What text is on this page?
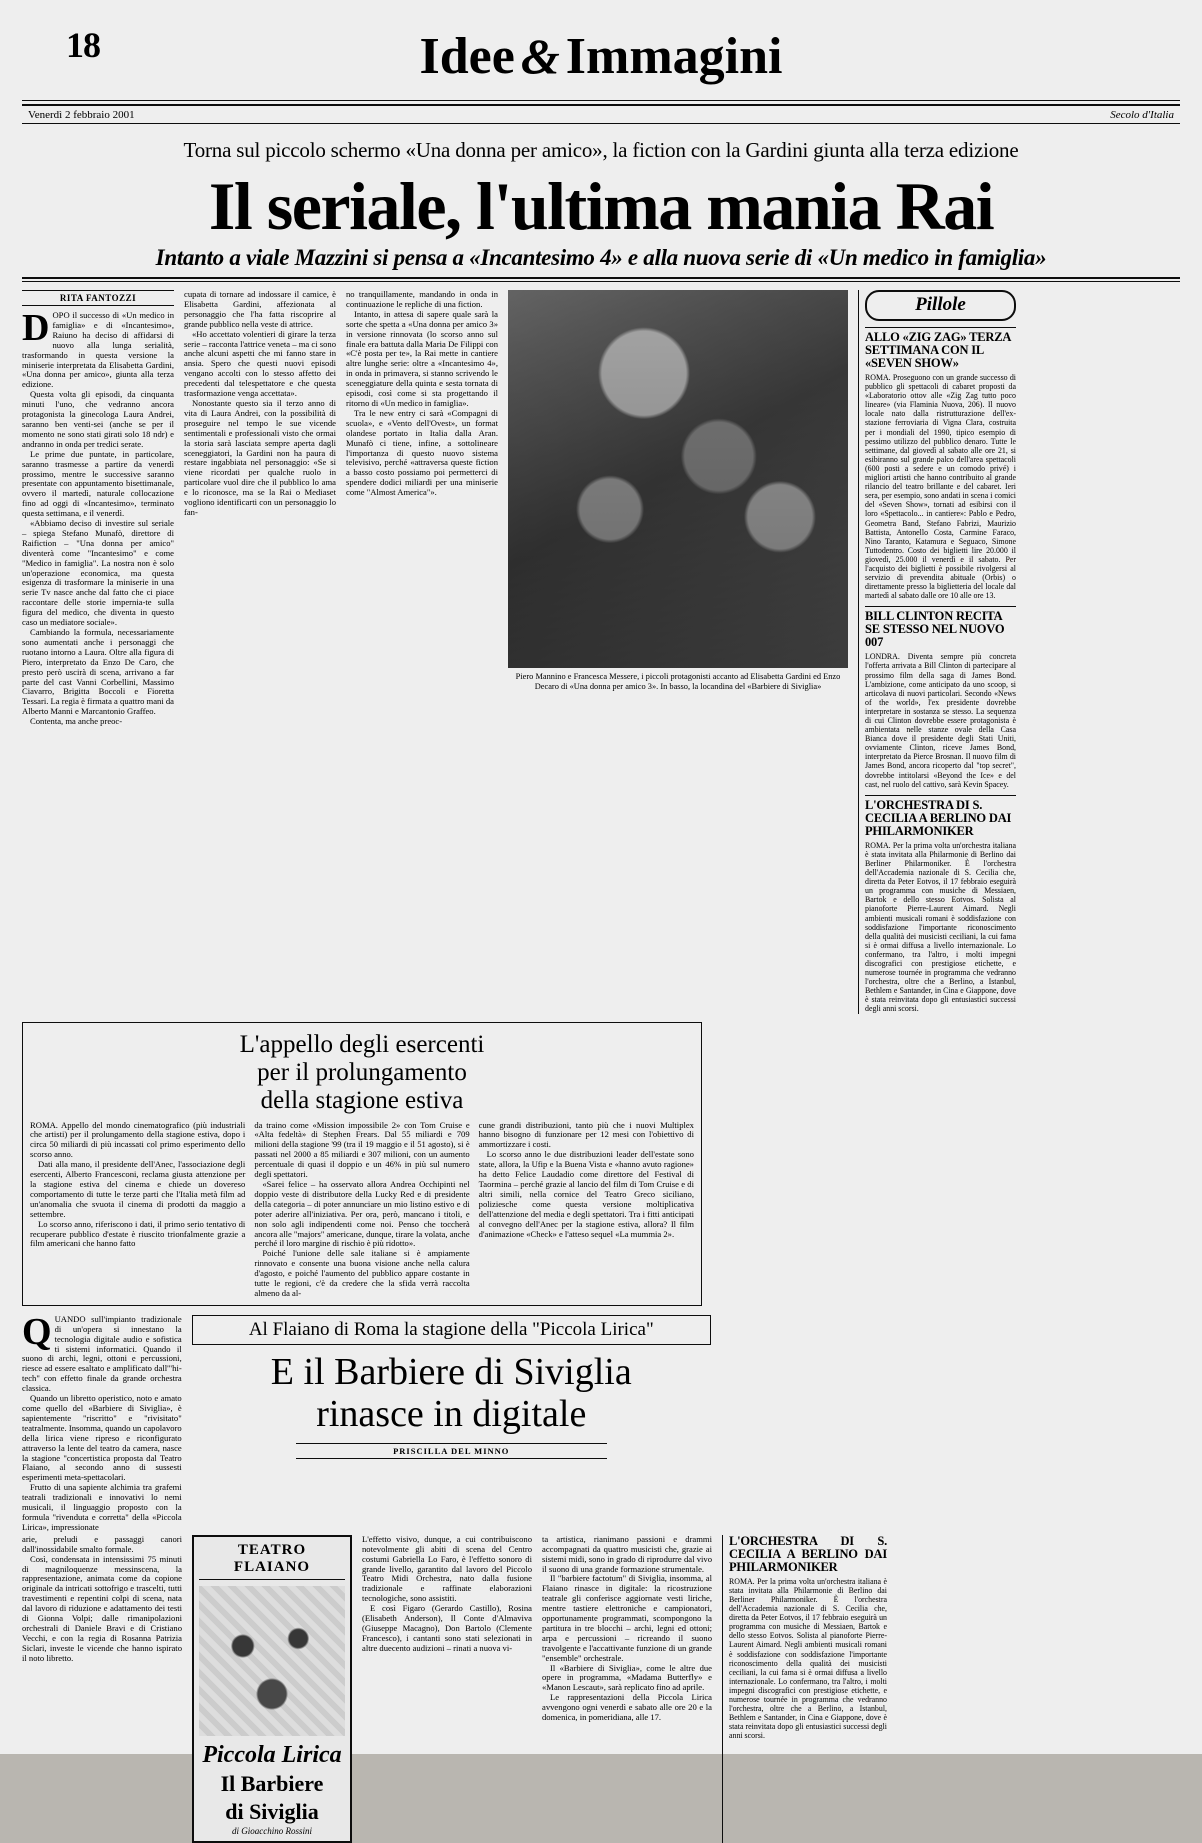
18	Idee & Immagini
Venerdì 2 febbraio 2001	Secolo d'Italia
Torna sul piccolo schermo «Una donna per amico», la fiction con la Gardini giunta alla terza edizione
Il seriale, l'ultima mania Rai
Intanto a viale Mazzini si pensa a «Incantesimo 4» e alla nuova serie di «Un medico in famiglia»
RITA FANTOZZI

DOPO il successo di «Un medico in famiglia» e di «Incantesimo», Raiuno ha deciso di affidarsi di nuovo alla lunga serialità, trasformando in questa versione la miniserie interpretata da Elisabetta Gardini, «Una donna per amico», giunta alla terza edizione.

Questa volta gli episodi, da cinquanta minuti l'uno, che vedranno ancora protagonista la ginecologa Laura Andrei, saranno ben venti-sei (anche se per il momento ne sono stati girati solo 18 ndr) e andranno in onda per tredici serate.

Le prime due puntate, in particolare, saranno trasmesse a partire da venerdì prossimo, mentre le successive saranno presentate con appuntamento bisettimanale, ovvero il martedì, naturale collocazione fino ad oggi di «Incantesimo», terminato questa settimana, e il venerdì.

«Abbiamo deciso di investire sul seriale – spiega Stefano Munafò, direttore di Raifiction – "Una donna per amico" diventerà come "Incantesimo" e come "Medico in famiglia". La nostra non è solo un'operazione economica, ma questa esigenza di trasformare la miniserie in una serie Tv nasce anche dal fatto che ci piace raccontare delle storie impernia-te sulla figura del medico, che diventa in questo caso un mediatore sociale».

Cambiando la formula, necessariamente sono aumentati anche i personaggi che ruotano intorno a Laura. Oltre alla figura di Piero, interpretato da Enzo De Caro, che presto però uscirà di scena, arrivano a far parte del cast Vanni Corbellini, Massimo Ciavarro, Brigitta Boccoli e Fioretta Tessari. La regia è firmata a quattro mani da Alberto Manni e Marcantonio Graffeo.

Contenta, ma anche preoc-

cupata di tornare ad indossare il camice, è Elisabetta Gardini, affezionata al personaggio che l'ha fatta riscoprire al grande pubblico nella veste di attrice.

«Ho accettato volentieri di girare la terza serie – racconta l'attrice veneta – ma ci sono anche alcuni aspetti che mi fanno stare in ansia. Spero che questi nuovi episodi vengano accolti con lo stesso affetto dei precedenti dal telespettatore e che questa trasformazione venga accettata».

Nonostante questo sia il terzo anno di vita di Laura Andrei, con la possibilità di proseguire nel tempo le sue vicende sentimentali e professionali visto che ormai la storia sarà lasciata sempre aperta dagli sceneggiatori, la Gardini non ha paura di restare ingabbiata nel personaggio: «Se si viene ricordati per qualche ruolo in particolare vuol dire che il pubblico lo ama e lo riconosce, ma se la Rai o Mediaset vogliono identificarti con un personaggio lo fan-

no tranquillamente, mandando in onda in continuazione le repliche di una fiction.

Intanto, in attesa di sapere quale sarà la sorte che spetta a «Una donna per amico 3» in versione rinnovata (lo scorso anno sul finale era battuta dalla Maria De Filippi con «C'è posta per te», la Rai mette in cantiere altre lunghe serie: oltre a «Incantesimo 4», in onda in primavera, si stanno scrivendo le sceneggiature della quinta e sesta tornata di episodi, così come si sta progettando il ritorno di «Un medico in famiglia».

Tra le new entry ci sarà «Compagni di scuola», e «Vento dell'Ovest», un format olandese portato in Italia dalla Aran. Munafò ci tiene, infine, a sottolineare l'importanza di questo nuovo sistema televisivo, perché «attraversa queste fiction a basso costo possiamo poi permetterci di spendere dodici miliardi per una miniserie come "Almost America"».

Piero Mannino e Francesca Messere, i piccoli protagonisti accanto ad Elisabetta Gardini ed Enzo Decaro di «Una donna per amico 3». In basso, la locandina del «Barbiere di Siviglia»
Pillole
ALLO «ZIG ZAG» TERZA SETTIMANA CON IL «SEVEN SHOW»
ROMA. Proseguono con un grande successo di pubblico gli spettacoli di cabaret proposti da «Laboratorio ottov alle «Zig Zag tutto poco lineare» (via Flaminia Nuova, 206). Il nuovo locale nato dalla ristrutturazione dell'ex-stazione ferroviaria di Vigna Clara, costruita per i mondiali del 1990, tipico esempio di pessimo utilizzo del pubblico denaro. Tutte le settimane, dal giovedì al sabato alle ore 21, si esibiranno sul grande palco dell'area spettacoli (600 posti a sedere e un comodo privé) i migliori artisti che hanno contribuito al grande rilancio del teatro brillante e del cabaret. Ieri sera, per esempio, sono andati in scena i comici del «Seven Show», tornati ad esibirsi con il loro «Spettacolo... in cantiere»: Pablo e Pedro, Geometra Band, Stefano Fabrizi, Maurizio Battista, Antonello Costa, Carmine Faraco, Nino Taranto, Katamura e Seguaco, Simone Tuttodentro. Costo dei biglietti lire 20.000 il giovedì, 25.000 il venerdì e il sabato. Per l'acquisto dei biglietti è possibile rivolgersi al servizio di prevendita abituale (Orbis) o direttamente presso la biglietteria del locale dal martedì al sabato dalle ore 10 alle ore 13.
BILL CLINTON RECITA SE STESSO NEL NUOVO 007
LONDRA. Diventa sempre più concreta l'offerta arrivata a Bill Clinton di partecipare al prossimo film della saga di James Bond. L'ambizione, come anticipato da uno scoop, si articolava di nuovi particolari. Secondo «News of the world», l'ex presidente dovrebbe interpretare in sostanza se stesso. La sequenza di cui Clinton dovrebbe essere protagonista è ambientata nelle stanze ovale della Casa Bianca dove il presidente degli Stati Uniti, ovviamente Clinton, riceve James Bond, interpretato da Pierce Brosnan. Il nuovo film di James Bond, ancora ricoperto dal "top secret", dovrebbe intitolarsi «Beyond the Ice» e del cast, nel ruolo del cattivo, sarà Kevin Spacey.
L'ORCHESTRA DI S. CECILIA A BERLINO DAI PHILARMONIKER
ROMA. Per la prima volta un'orchestra italiana è stata invitata alla Philarmonie di Berlino dai Berliner Philarmoniker. È l'orchestra dell'Accademia nazionale di S. Cecilia che, diretta da Peter Eotvos, il 17 febbraio eseguirà un programma con musiche di Messiaen, Bartok e dello stesso Eotvos. Solista al pianoforte Pierre-Laurent Aimard. Negli ambienti musicali romani è soddisfazione con soddisfazione l'importante riconoscimento della qualità dei musicisti ceciliani, la cui fama si è ormai diffusa a livello internazionale. Lo confermano, tra l'altro, i molti impegni discografici con prestigiose etichette, e numerose tournée in programma che vedranno l'orchestra, oltre che a Berlino, a Istanbul, Bethlem e Santander, in Cina e Giappone, dove è stata reinvitata dopo gli entusiastici successi degli anni scorsi.
L'appello degli esercenti
per il prolungamento
della stagione estiva

ROMA. Appello del mondo cinematografico (più industriali che artisti) per il prolungamento della stagione estiva, dopo i circa 50 miliardi di più incassati col primo esperimento dello scorso anno.

Dati alla mano, il presidente dell'Anec, l'associazione degli esercenti, Alberto Francesconi, reclama giusta attenzione per la stagione estiva del cinema e chiede un dovereso comportamento di tutte le terze parti che l'Italia metà film ad un'anomalia che svuota il cinema di prodotti da maggio a settembre.

Lo scorso anno, riferiscono i dati, il primo serio tentativo di recuperare pubblico d'estate è riuscito trionfalmente grazie a film americani che hanno fatto

da traino come «Mission impossibile 2» con Tom Cruise e «Alta fedeltà» di Stephen Frears. Dal 55 miliardi e 709 milioni della stagione '99 (tra il 19 maggio e il 51 agosto), si è passati nel 2000 a 85 miliardi e 307 milioni, con un aumento percentuale di quasi il doppio e un 46% in più sul numero degli spettatori.

«Sarei felice – ha osservato allora Andrea Occhipinti nel doppio veste di distributore della Lucky Red e di presidente della categoria – di poter annunciare un mio listino estivo e di poter aderire all'iniziativa. Per ora, però, mancano i titoli, e non solo agli indipendenti come noi. Penso che toccherà ancora alle "majors" americane, dunque, tirare la volata, anche perché il loro margine di rischio è più ridotto».

Poiché l'unione delle sale italiane si è ampiamente rinnovato e consente una buona visione anche nella calura d'agosto, e poiché l'aumento del pubblico appare costante in tutte le regioni, c'è da credere che la sfida verrà raccolta almeno da al-

cune grandi distribuzioni, tanto più che i nuovi Multiplex hanno bisogno di funzionare per 12 mesi con l'obiettivo di ammortizzare i costi.

Lo scorso anno le due distribuzioni leader dell'estate sono state, allora, la Ufip e la Buena Vista e «hanno avuto ragione» ha detto Felice Laudadio come direttore del Festival di Taormina – perché grazie al lancio del film di Tom Cruise e di altri simili, nella cornice del Teatro Greco siciliano, poliziesche come questa versione moltiplicativa dell'attenzione del media e degli spettatori. Tra i fitti anticipati al convegno dell'Anec per la stagione estiva, allora? Il film d'animazione «Check» e l'atteso sequel «La mummia 2».

QUANDO sull'impianto tradizionale di un'opera si innestano la tecnologia digitale audio e sofistica ti sistemi informatici. Quando il suono di archi, legni, ottoni e percussioni, riesce ad essere esaltato e amplificato dall'"hi-tech" con effetto finale da grande orchestra classica.

Quando un libretto operistico, noto e amato come quello del «Barbiere di Siviglia», è sapientemente "riscritto" e "rivisitato" teatralmente. Insomma, quando un capolavoro della lirica viene ripreso e riconfigurato attraverso la lente del teatro da camera, nasce la stagione "concertistica proposta dal Teatro Flaiano, al secondo anno di sussesti esperimenti meta-spettacolari.

Frutto di una sapiente alchimia tra grafemi teatrali tradizionali e innovativi lo nemi musicali, il linguaggio proposto con la formula "rivenduta e corretta" della «Piccola Lirica», impressionate

Al Flaiano di Roma la stagione della "Piccola Lirica"
E il Barbiere di Siviglia
rinasce in digitale
PRISCILLA DEL MINNO

arie, preludi e passaggi canori dall'inossidabile smalto formale.

Così, condensata in intensissimi 75 minuti di magniloquenze messinscena, la rappresentazione, animata come da copione originale da intricati sottofrigo e trascelti, tutti travestimenti e repentini colpi di scena, nata dal lavoro di riduzione e adattamento dei testi di Gionna Volpi; dalle rimanipolazioni orchestrali di Daniele Bravi e di Cristiano Vecchi, e con la regia di Rosanna Patrizia Siclari, investe le vicende che hanno ispirato il noto libretto.

TEATRO FLAIANO
Piccola Lirica
Il Barbiere
di Siviglia
di Gioacchino Rossini

L'effetto visivo, dunque, a cui contribuiscono notevolmente gli abiti di scena del Centro costumi Gabriella Lo Faro, è l'effetto sonoro di grande livello, garantito dal lavoro del Piccolo Teatro Midi Orchestra, nato dalla fusione tradizionale e raffinate elaborazioni tecnologiche, sono assistiti.

E così Figaro (Gerardo Castillo), Rosina (Elisabeth Anderson), Il Conte d'Almaviva (Giuseppe Macagno), Don Bartolo (Clemente Francesco), i cantanti sono stati selezionati in altre duecento audizioni – rinati a nuova vi-

ta artistica, rianimano passioni e drammi accompagnati da quattro musicisti che, grazie ai sistemi midi, sono in grado di riprodurre dal vivo il suono di una grande formazione strumentale.

Il "barbiere factotum" di Siviglia, insomma, al Flaiano rinasce in digitale: la ricostruzione teatrale gli conferisce aggiornate vesti liriche, mentre tastiere elettroniche e campionatori, opportunamente programmati, scompongono la partitura in tre blocchi – archi, legni ed ottoni; arpa e percussioni – ricreando il suono travolgente e l'accattivante funzione di un grande "ensemble" orchestrale.

Il «Barbiere di Siviglia», come le altre due opere in programma, «Madama Butterfly» e «Manon Lescaut», sarà replicato fino ad aprile.

Le rappresentazioni della Piccola Lirica avvengono ogni venerdì e sabato alle ore 20 e la domenica, in pomeridiana, alle 17.

L'ORCHESTRA DI S. CECILIA A BERLINO DAI PHILARMONIKER
ROMA. Per la prima volta un'orchestra italiana è stata invitata alla Philarmonie di Berlino dai Berliner Philarmoniker. È l'orchestra dell'Accademia nazionale di S. Cecilia che, diretta da Peter Eotvos, il 17 febbraio eseguirà un programma con musiche di Messiaen, Bartok e dello stesso Eotvos. Solista al pianoforte Pierre-Laurent Aimard. Negli ambienti musicali romani è soddisfazione con soddisfazione l'importante riconoscimento della qualità dei musicisti ceciliani, la cui fama si è ormai diffusa a livello internazionale. Lo confermano, tra l'altro, i molti impegni discografici con prestigiose etichette, e numerose tournée in programma che vedranno l'orchestra, oltre che a Berlino, a Istanbul, Bethlem e Santander, in Cina e Giappone, dove è stata reinvitata dopo gli entusiastici successi degli anni scorsi.
